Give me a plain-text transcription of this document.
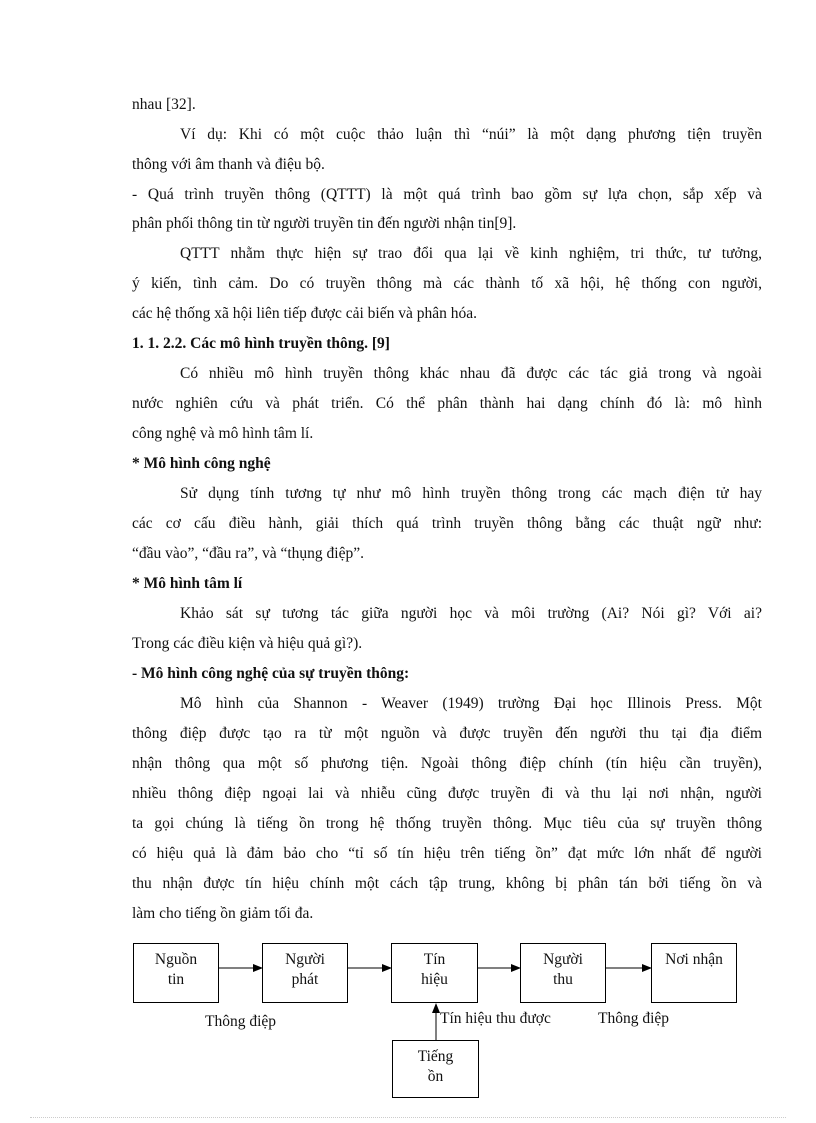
nhau [32].
Ví dụ: Khi có một cuộc thảo luận thì “núi” là một dạng phương tiện truyền
thông với âm thanh và điệu bộ.
- Quá trình truyền thông (QTTT) là một quá trình bao gồm sự lựa chọn, sắp xếp và
phân phối thông tin từ người truyền tin đến người nhận tin[9].
QTTT nhằm thực hiện sự trao đổi qua lại về kinh nghiệm, tri thức, tư tưởng,
ý kiến, tình cảm. Do có truyền thông mà các thành tố xã hội, hệ thống con người,
các hệ thống xã hội liên tiếp được cải biến và phân hóa.
1. 1. 2.2. Các mô hình truyền thông. [9]
Có nhiều mô hình truyền thông khác nhau đã được các tác giả trong và ngoài
nước nghiên cứu và phát triển. Có thể phân thành hai dạng chính đó là: mô hình
công nghệ và mô hình tâm lí.
* Mô hình công nghệ
Sử dụng tính tương tự như mô hình truyền thông trong các mạch điện tử hay
các cơ cấu điều hành, giải thích quá trình truyền thông bằng các thuật ngữ như:
“đầu vào”, “đầu ra”, và “thụng điệp”.
* Mô hình tâm lí
Khảo sát sự tương tác giữa người học và môi trường (Ai? Nói gì? Với ai?
Trong các điều kiện và hiệu quả gì?).
- Mô hình công nghệ của sự truyền thông:
Mô hình của Shannon - Weaver (1949) trường Đại học Illinois Press. Một
thông điệp được tạo ra từ một nguồn và được truyền đến người thu tại địa điểm
nhận thông qua một số phương tiện. Ngoài thông điệp chính (tín hiệu cần truyền),
nhiều thông điệp ngoại lai và nhiễu cũng được truyền đi và thu lại nơi nhận, người
ta gọi chúng là tiếng ồn trong hệ thống truyền thông. Mục tiêu của sự truyền thông
có hiệu quả là đảm bảo cho “tỉ số tín hiệu trên tiếng ồn” đạt mức lớn nhất để người
thu nhận được tín hiệu chính một cách tập trung, không bị phân tán bởi tiếng ồn và
làm cho tiếng ồn giảm tối đa.
Nguồn
tin
Người
phát
Tín
hiệu
Người
thu
Nơi nhận
Tiếng
ồn
Thông điệp	Tín hiệu thu được	Thông điệp
